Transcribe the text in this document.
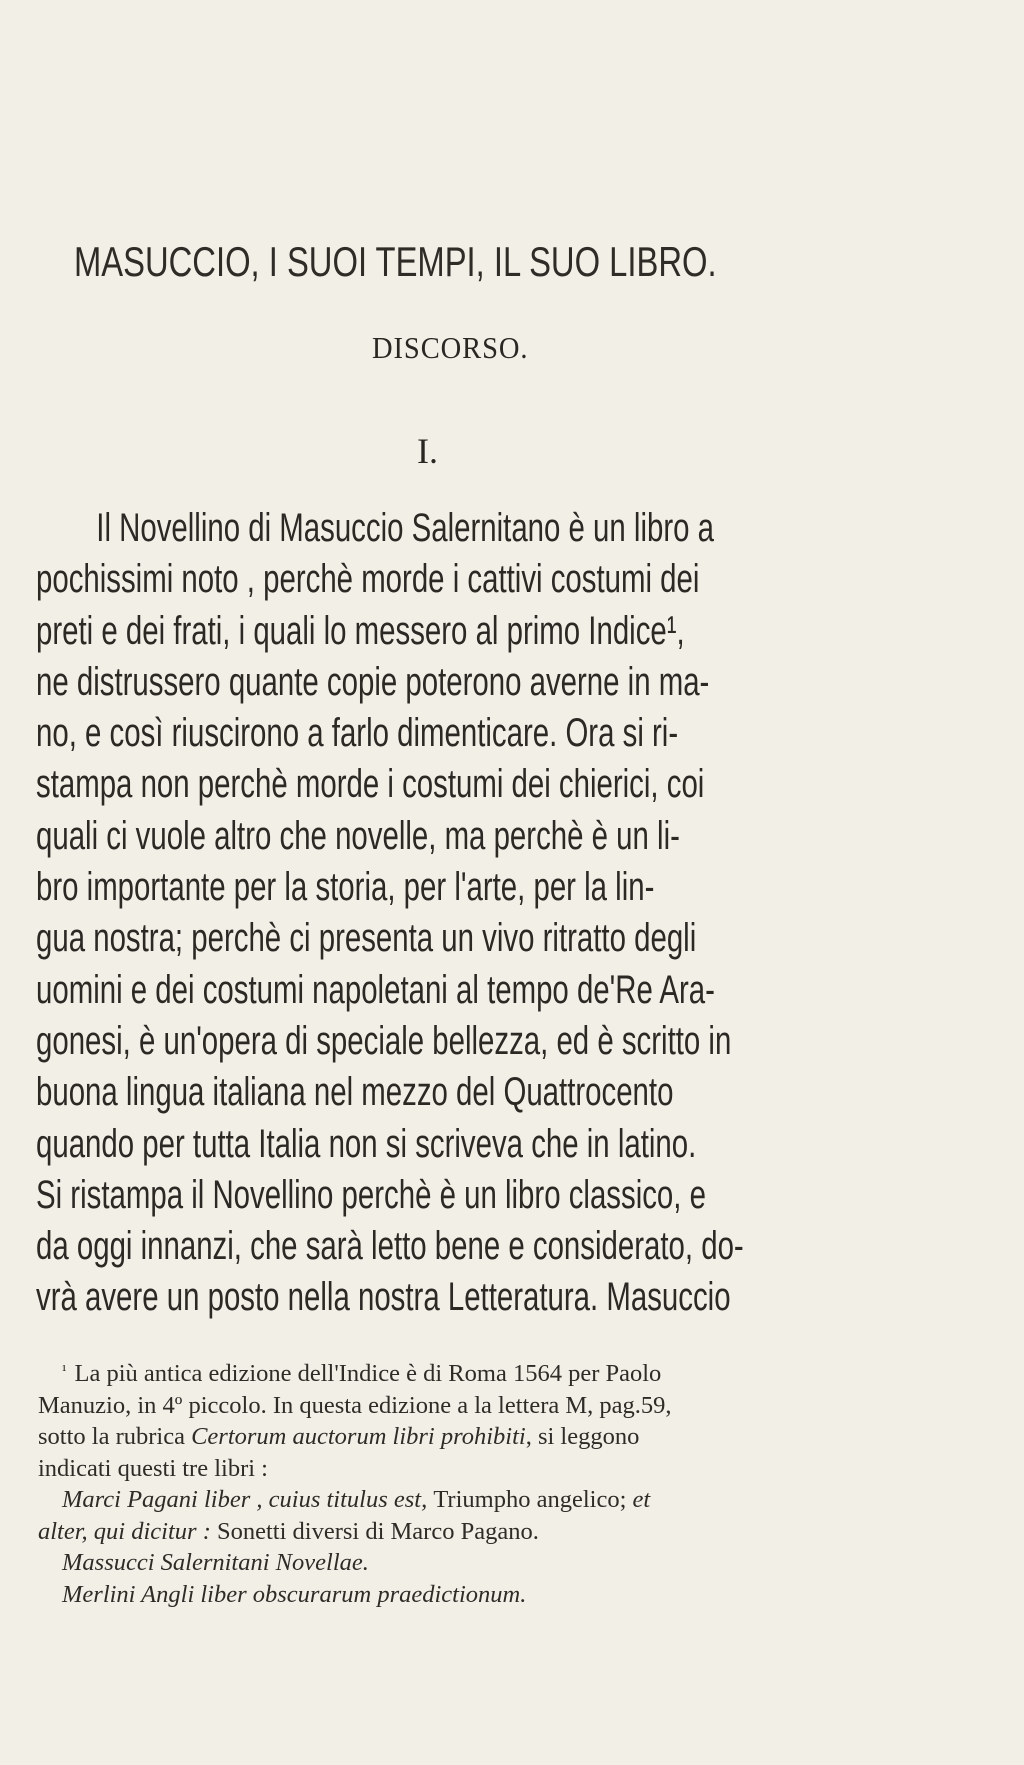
MASUCCIO, I SUOI TEMPI, IL SUO LIBRO.
DISCORSO.
I.
Il Novellino di Masuccio Salernitano è un libro a
pochissimi noto , perchè morde i cattivi costumi dei
preti e dei frati, i quali lo messero al primo Indice¹,
ne distrussero quante copie poterono averne in ma-
no, e così riuscirono a farlo dimenticare. Ora si ri-
stampa non perchè morde i costumi dei chierici, coi
quali ci vuole altro che novelle, ma perchè è un li-
bro importante per la storia, per l'arte, per la lin-
gua nostra; perchè ci presenta un vivo ritratto degli
uomini e dei costumi napoletani al tempo de'Re Ara-
gonesi, è un'opera di speciale bellezza, ed è scritto in
buona lingua italiana nel mezzo del Quattrocento
quando per tutta Italia non si scriveva che in latino.
Si ristampa il Novellino perchè è un libro classico, e
da oggi innanzi, che sarà letto bene e considerato, do-
vrà avere un posto nella nostra Letteratura. Masuccio
$^{^1}$ La più antica edizione dell'Indice è di Roma 1564 per Paolo
Manuzio, in 4º piccolo. In questa edizione a la lettera M, pag.59,
sotto la rubrica Certorum auctorum libri prohibiti, si leggono
indicati questi tre libri :
Marci Pagani liber , cuius titulus est, Triumpho angelico; et
alter, qui dicitur : Sonetti diversi di Marco Pagano.
Massucci Salernitani Novellae.
Merlini Angli liber obscurarum praedictionum.
